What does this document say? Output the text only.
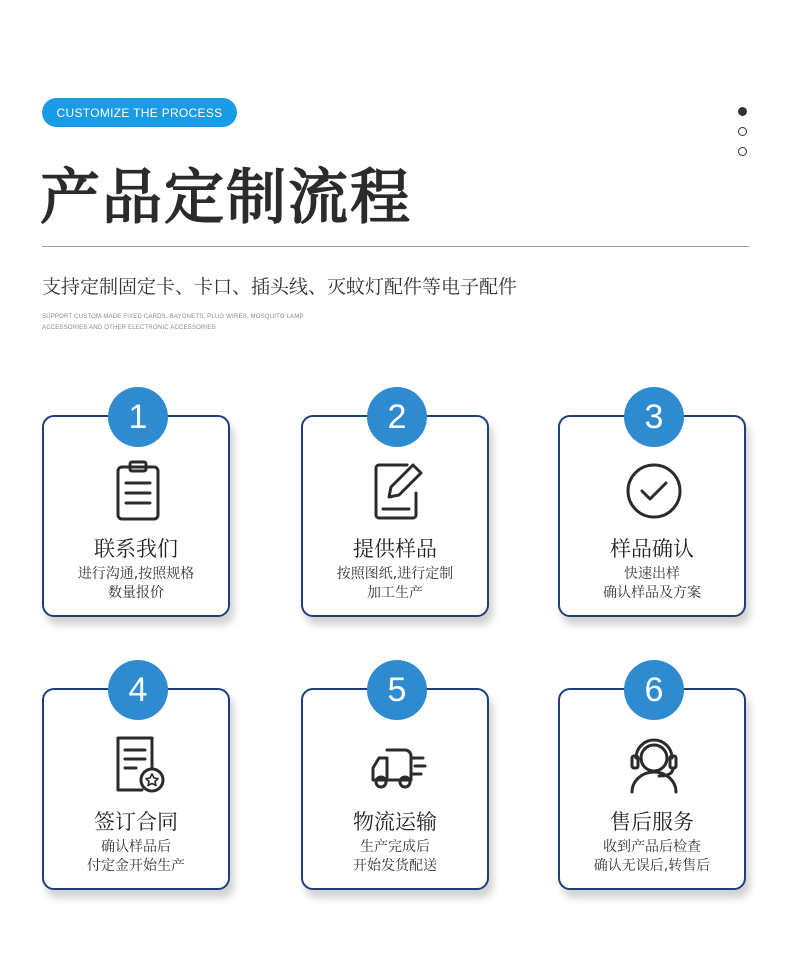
CUSTOMIZE THE PROCESS
产品定制流程
支持定制固定卡、卡口、插头线、灭蚊灯配件等电子配件
SUPPORT CUSTOM-MADE FIXED CARDS, BAYONETS, PLUG WIRES, MOSQUITO LAMP
ACCESSORIES AND OTHER ELECTRONIC ACCESSORIES
1
联系我们
进行沟通,按照规格
数量报价
2
提供样品
按照图纸,进行定制
加工生产
3
样品确认
快速出样
确认样品及方案
4
签订合同
确认样品后
付定金开始生产
5
物流运输
生产完成后
开始发货配送
6
售后服务
收到产品后检查
确认无误后,转售后
